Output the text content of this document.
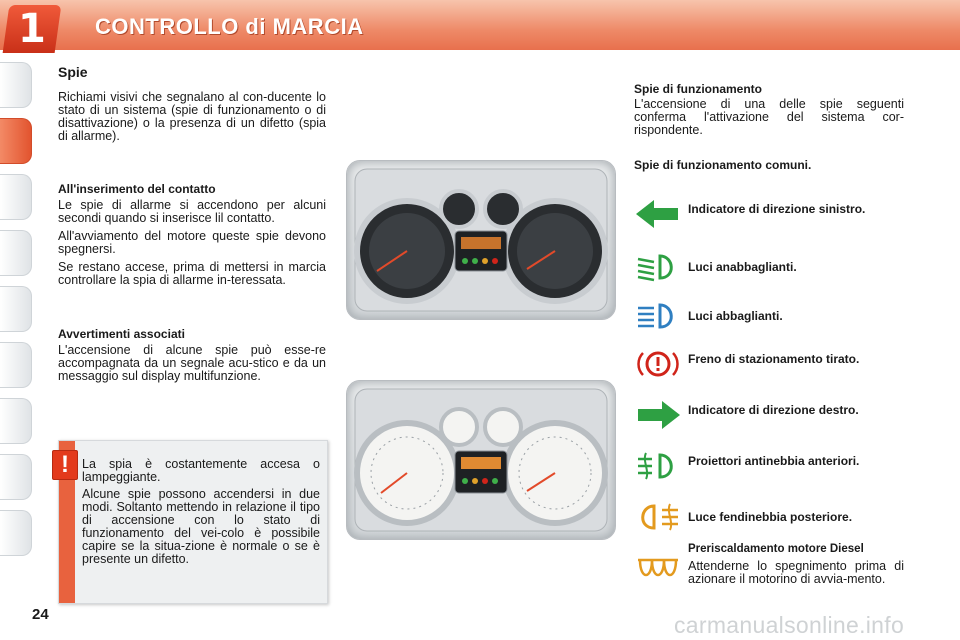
1 CONTROLLO di MARCIA
Spie

Richiami visivi che segnalano al con-ducente lo stato di un sistema (spie di funzionamento o di disattivazione) o la presenza di un difetto (spia di allarme).

All'inserimento del contatto

Le spie di allarme si accendono per alcuni secondi quando si inserisce lil contatto.

All'avviamento del motore queste spie devono spegnersi.

Se restano accese, prima di mettersi in marcia controllare la spia di allarme in-teressata.

Avvertimenti associati

L'accensione di alcune spie può esse-re accompagnata da un segnale acu-stico e da un messaggio sul display multifunzione.

!	La spia è costantemente accesa o lampeggiante.

Alcune spie possono accendersi in due modi. Soltanto mettendo in relazione il tipo di accensione con lo stato di funzionamento del vei-colo è possibile capire se la situa-zione è normale o se è presente un difetto.

Spie di funzionamento

L'accensione di una delle spie seguenti conferma l'attivazione del sistema cor-rispondente.

Spie di funzionamento comuni.
Indicatore di direzione sinistro.
Luci anabbaglianti.
Luci abbaglianti.
Freno di stazionamento tirato.
Indicatore di direzione destro.
Proiettori antinebbia anteriori.
Luce fendinebbia posteriore.
Preriscaldamento motore Diesel

Attenderne lo spegnimento prima di azionare il motorino di avvia-mento.

24	carmanualsonline.info
